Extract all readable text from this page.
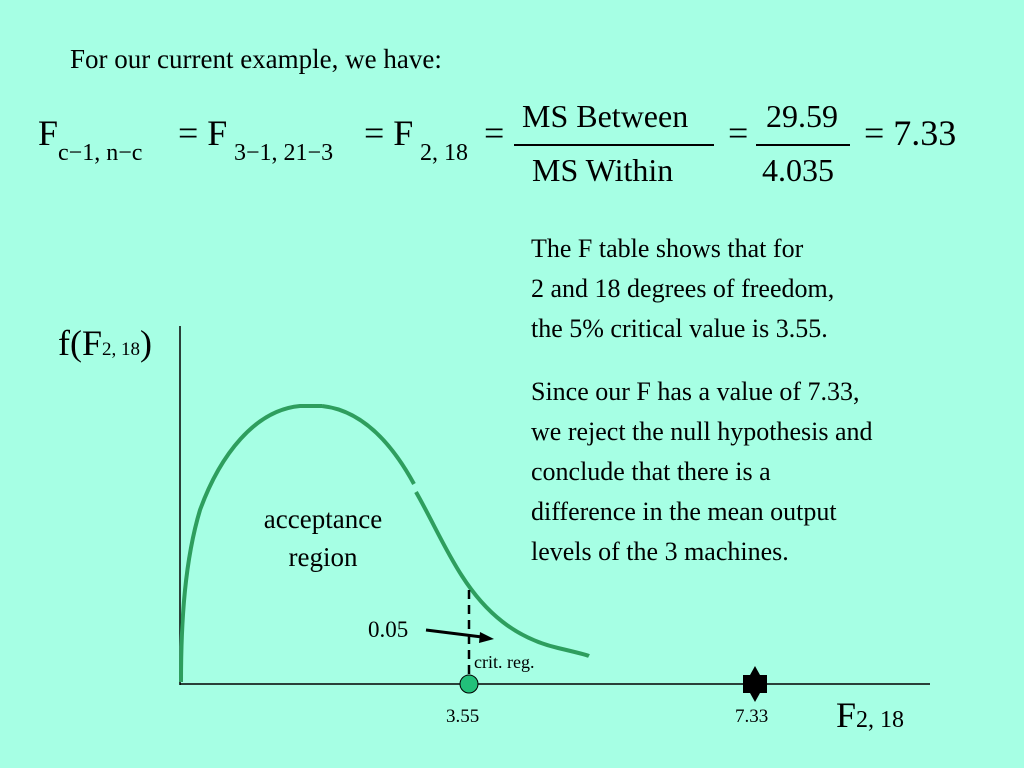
For our current example, we have:
F c−1, n−c = F 3−1, 21−3 = F 2, 18 = MS Between
MS Within
= 29.59
4.035
= 7.33
The F table shows that for
2 and 18 degrees of freedom,
the 5% critical value is 3.55.
Since our F has a value of 7.33,
we reject the null hypothesis and
conclude that there is a
difference in the mean output
levels of the 3 machines.
f(F2, 18)
F2, 18
acceptance
region
0.05
crit. reg.
3.55	7.33
